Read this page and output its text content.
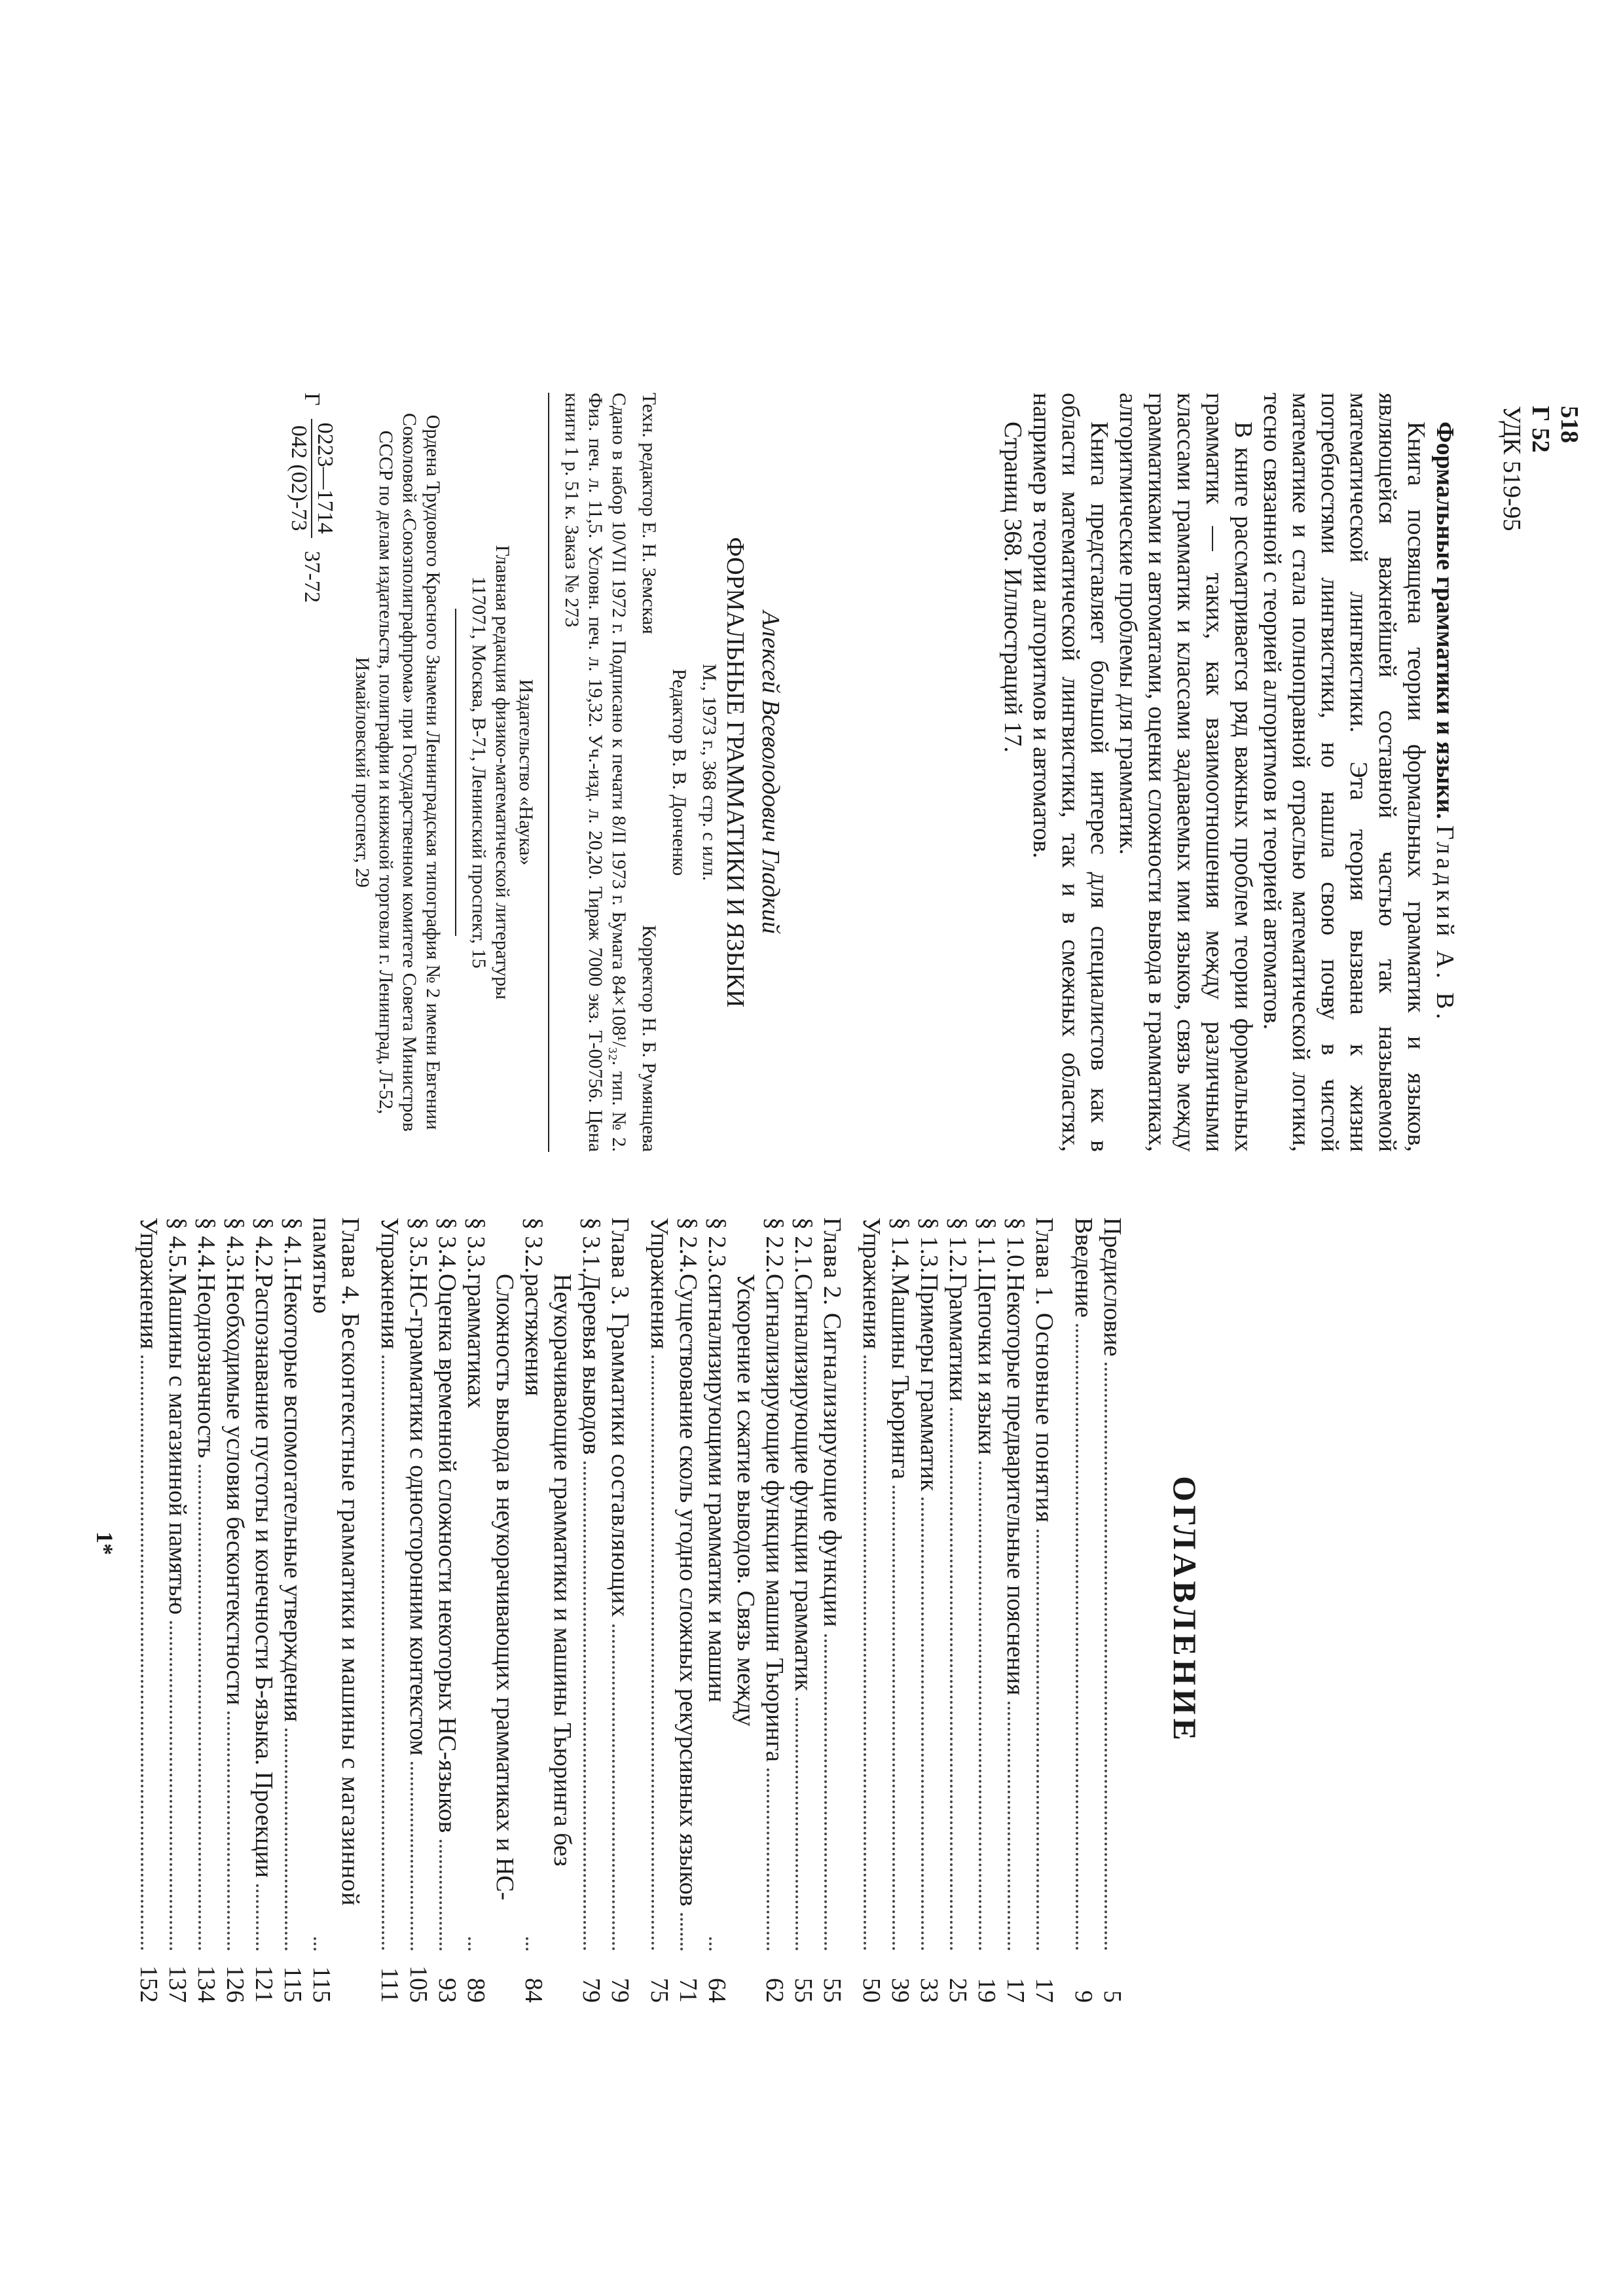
518
Г 52
УДК 519-95

Формальные грамматики и языки. Гладкий А. В.

Книга посвящена теории формальных грамматик и языков, являющейся важнейшей составной частью так называемой математической лингвистики. Эта теория вызвана к жизни потребностями лингвистики, но нашла свою почву в чистой математике и стала полноправной отраслью математической логики, тесно связанной с теорией алгоритмов и теорией автоматов.

В книге рассматривается ряд важных проблем теории формальных грамматик — таких, как взаимоотношения между различными классами грамматик и классами задаваемых ими языков, связь между грамматиками и автоматами, оценки сложности вывода в грамматиках, алгоритмические проблемы для грамматик.

Книга представляет большой интерес для специалистов как в области математической лингвистики, так и в смежных областях, например в теории алгоритмов и автоматов.

Страниц 368. Иллюстраций 17.

Алексей Всеволодович Гладкий

ФОРМАЛЬНЫЕ ГРАММАТИКИ И ЯЗЫКИ

М., 1973 г., 368 стр. с илл.

Редактор В. В. Донченко

Техн. редактор Е. Н. Земская
Корректор Н. Б. Румянцева

Сдано в набор 10/VII 1972 г. Подписано к печати 8/II 1973 г. Бумага 84×108¹/₃₂. тип. № 2. Физ. печ. л. 11,5. Условн. печ. л. 19,32. Уч.-изд. л. 20,20. Тираж 7000 экз. Т-00756. Цена книги 1 р. 51 к. Заказ № 273

Издательство «Наука»

Главная редакция физико-математической литературы

117071, Москва, В-71, Ленинский проспект, 15

Ордена Трудового Красного Знамени Ленинградская типография № 2 имени Евгении Соколовой «Союзполиграфпрома» при Государственном комитете Совета Министров СССР по делам издательств, полиграфии и книжной торговли г. Ленинград, Л-52, Измайловский проспект, 29

Г
0223—1714
042 (02)-73
37-72
ОГЛАВЛЕНИЕ
Предисловие
5
Введение
9
Глава 1. Основные понятия
17
§ 1.0.
Некоторые предварительные пояснения
17
§ 1.1.
Цепочки и языки
19
§ 1.2.
Грамматики
25
§ 1.3.
Примеры грамматик
33
§ 1.4.
Машины Тьюринга
39
Упражнения
50
Глава 2. Сигнализирующие функции
55
§ 2.1.
Сигнализирующие функции грамматик
55
§ 2.2.
Сигнализирующие функции машин Тьюринга
62
§ 2.3.
Ускорение и сжатие выводов. Связь между сигнализирующими грамматик и машин
64
§ 2.4.
Существование сколь угодно сложных рекурсивных языков
71
Упражнения
75
Глава 3. Грамматики составляющих
79
§ 3.1.
Деревья выводов
79
§ 3.2.
Неукорачивающие грамматики и машины Тьюринга без растяжения
84
§ 3.3.
Сложность вывода в неукорачивающих грамматиках и НС-грамматиках
89
§ 3.4.
Оценка временной сложности некоторых НС-языков
93
§ 3.5.
НС-грамматики с односторонним контекстом
105
Упражнения
111
Глава 4. Бесконтекстные грамматики и машины с магазинной памятью
115
§ 4.1.
Некоторые вспомогательные утверждения
115
§ 4.2.
Распознавание пустоты и конечности Б-языка. Проекции
121
§ 4.3.
Необходимые условия бесконтекстности
126
§ 4.4.
Неоднозначность
134
§ 4.5.
Машины с магазинной памятью
137
Упражнения
152
1*
